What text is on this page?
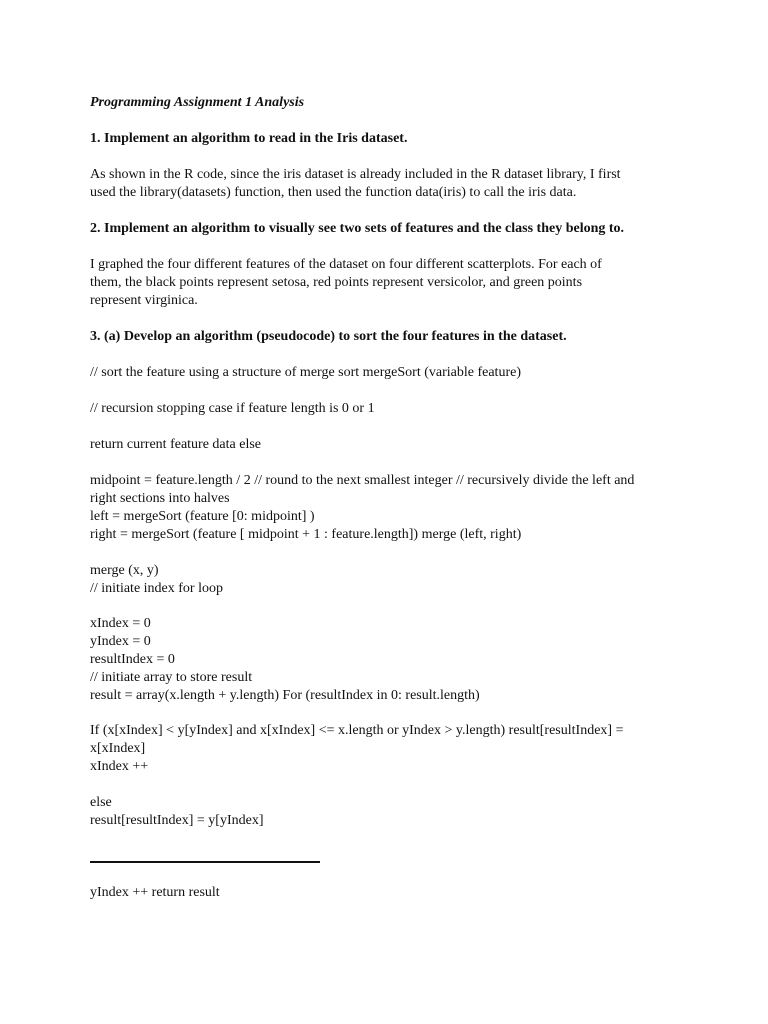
Programming Assignment 1 Analysis
1. Implement an algorithm to read in the Iris dataset.
As shown in the R code, since the iris dataset is already included in the R dataset library, I first
used the library(datasets) function, then used the function data(iris) to call the iris data.
2. Implement an algorithm to visually see two sets of features and the class they belong to.
I graphed the four different features of the dataset on four different scatterplots. For each of
them, the black points represent setosa, red points represent versicolor, and green points
represent virginica.
3. (a) Develop an algorithm (pseudocode) to sort the four features in the dataset.
// sort the feature using a structure of merge sort mergeSort (variable feature)
// recursion stopping case if feature length is 0 or 1
return current feature data else
midpoint = feature.length / 2 // round to the next smallest integer // recursively divide the left and
right sections into halves
left = mergeSort (feature [0: midpoint] )
right = mergeSort (feature [ midpoint + 1 : feature.length]) merge (left, right)
merge (x, y)
// initiate index for loop
xIndex = 0
yIndex = 0
resultIndex = 0
// initiate array to store result
result = array(x.length + y.length) For (resultIndex in 0: result.length)
If (x[xIndex] < y[yIndex] and x[xIndex] <= x.length or yIndex > y.length) result[resultIndex] =
x[xIndex]
xIndex ++
else
result[resultIndex] = y[yIndex]
yIndex ++ return result
